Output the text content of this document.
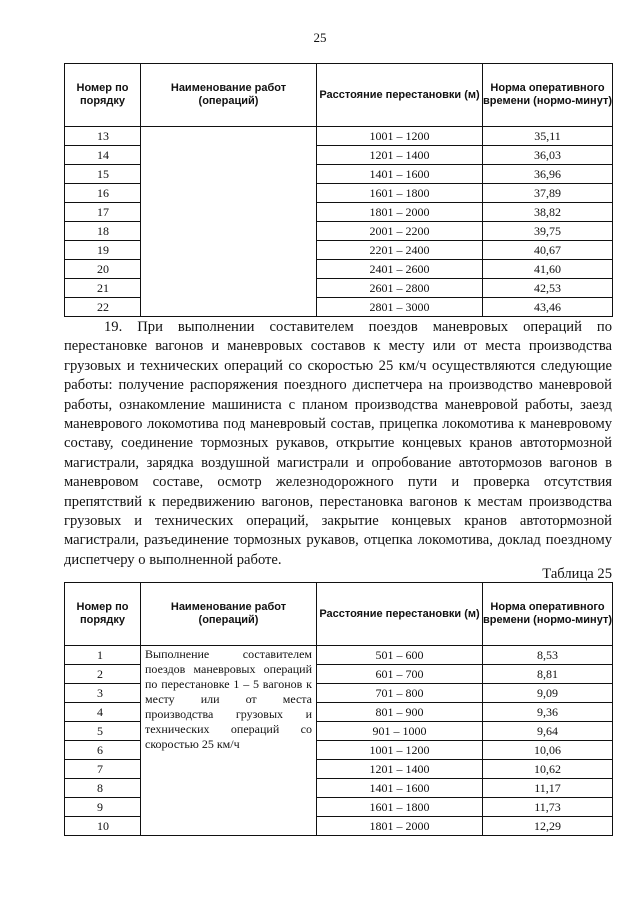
25
Номер по порядку	Наименование работ (операций)	Расстояние перестановки (м)	Норма оперативного времени (нормо-минут)
13		1001 – 1200	35,11
14		1201 – 1400	36,03
15		1401 – 1600	36,96
16		1601 – 1800	37,89
17		1801 – 2000	38,82
18		2001 – 2200	39,75
19		2201 – 2400	40,67
20		2401 – 2600	41,60
21		2601 – 2800	42,53
22		2801 – 3000	43,46
19. При выполнении составителем поездов маневровых операций по перестановке вагонов и маневровых составов к месту или от места производства грузовых и технических операций со скоростью 25 км/ч осуществляются следующие работы: получение распоряжения поездного диспетчера на производство маневровой работы, ознакомление машиниста с планом производства маневровой работы, заезд маневрового локомотива под маневровый состав, прицепка локомотива к маневровому составу, соединение тормозных рукавов, открытие концевых кранов автотормозной магистрали, зарядка воздушной магистрали и опробование автотормозов вагонов в маневровом составе, осмотр железнодорожного пути и проверка отсутствия препятствий к передвижению вагонов, перестановка вагонов к местам производства грузовых и технических операций, закрытие концевых кранов автотормозной магистрали, разъединение тормозных рукавов, отцепка локомотива, доклад поездному диспетчеру о выполненной работе.
Таблица 25
Номер по порядку	Наименование работ (операций)	Расстояние перестановки (м)	Норма оперативного времени (нормо-минут)
1	Выполнение составителем поездов маневровых операций по перестановке 1 – 5 вагонов к месту или от места производства грузовых и технических операций со скоростью 25 км/ч	501 – 600	8,53
2		601 – 700	8,81
3		701 – 800	9,09
4		801 – 900	9,36
5		901 – 1000	9,64
6		1001 – 1200	10,06
7		1201 – 1400	10,62
8		1401 – 1600	11,17
9		1601 – 1800	11,73
10		1801 – 2000	12,29
